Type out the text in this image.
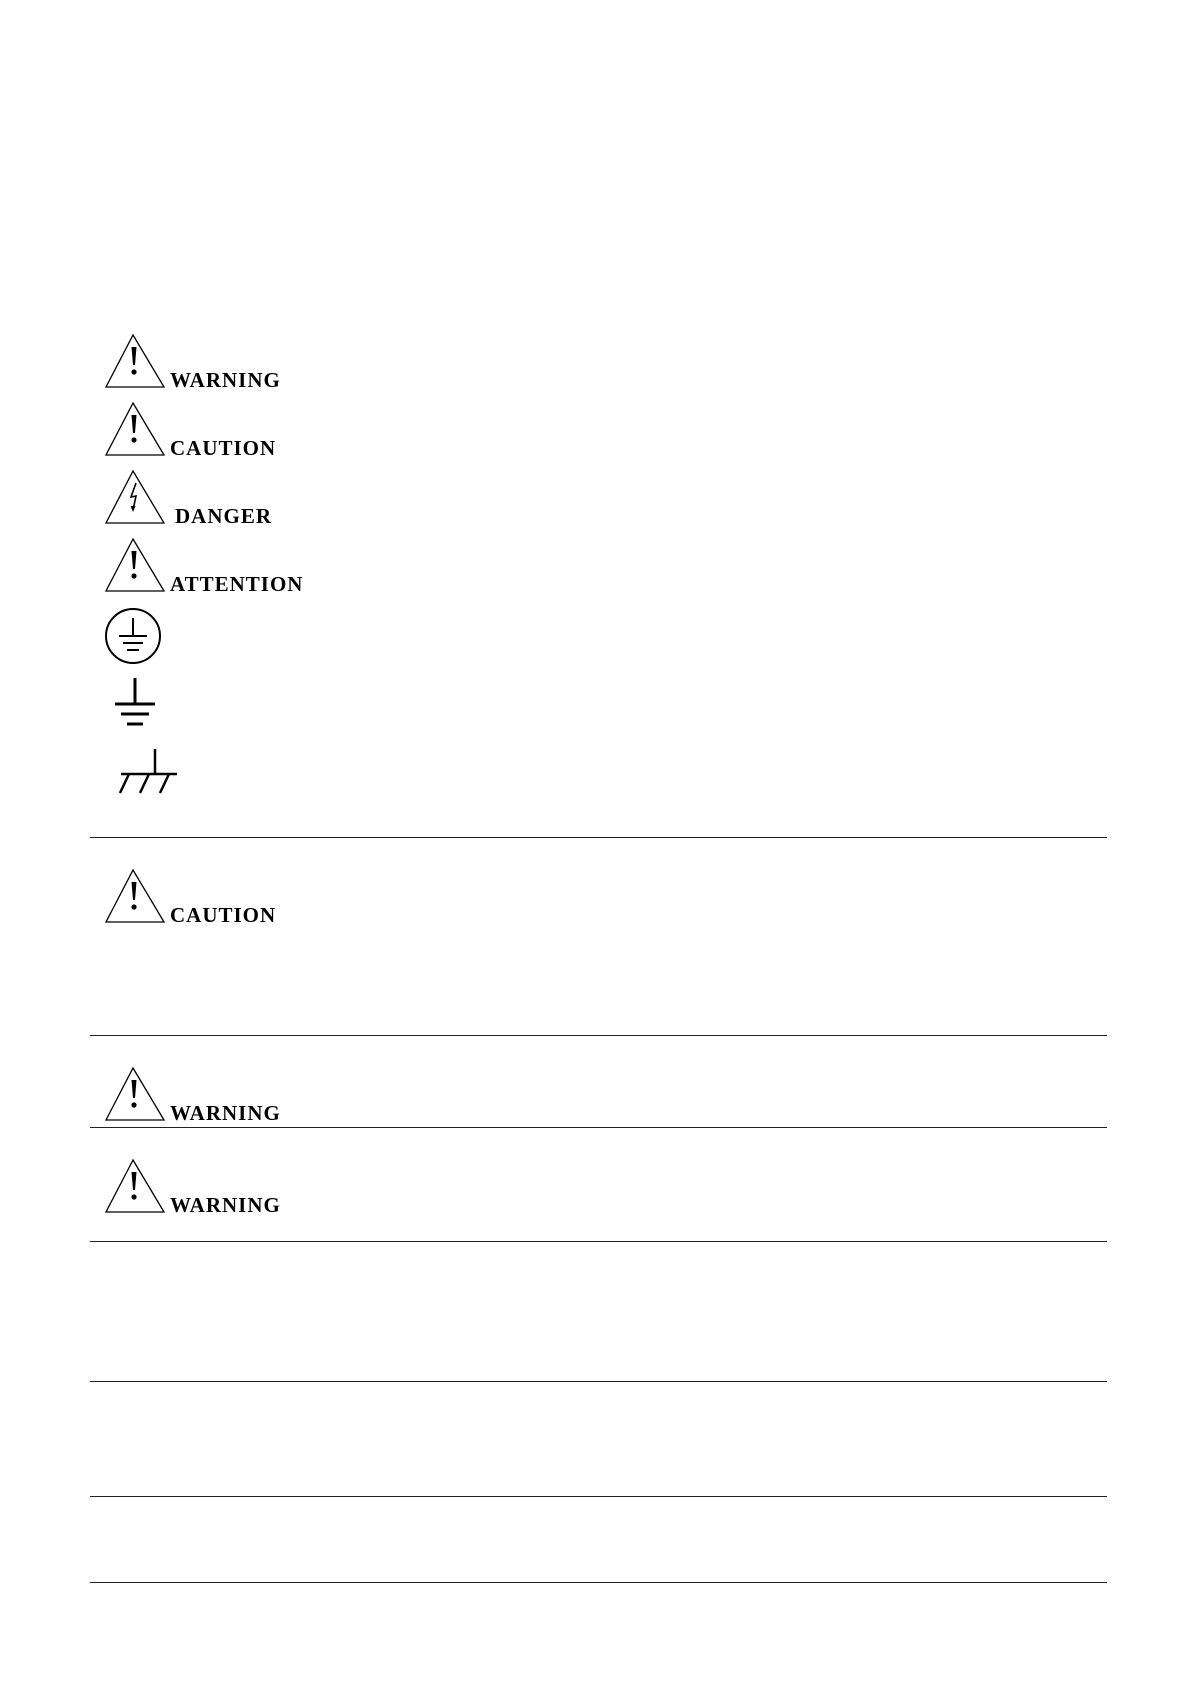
WARNING
CAUTION
DANGER
ATTENTION
CAUTION
WARNING
WARNING
